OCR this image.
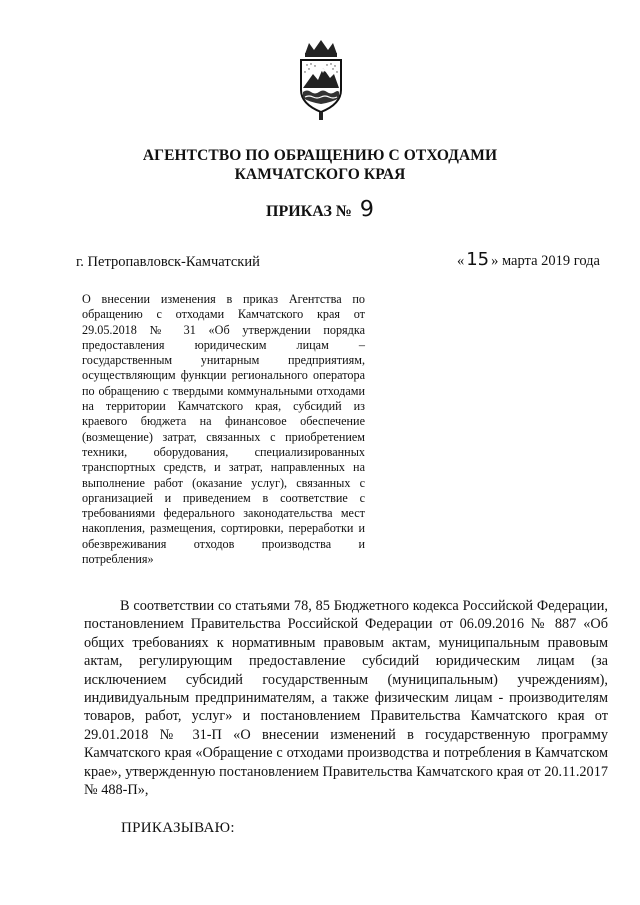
АГЕНТСТВО ПО ОБРАЩЕНИЮ С ОТХОДАМИ
КАМЧАТСКОГО КРАЯ
ПРИКАЗ № 9
г. Петропавловск-Камчатский	« 15 » марта 2019 года
О внесении изменения в приказ Агентства по обращению с отходами Камчатского края от 29.05.2018 № 31 «Об утверждении порядка предоставления юридическим лицам – государственным унитарным предприятиям, осуществляющим функции регионального оператора по обращению с твердыми коммунальными отходами на территории Камчатского края, субсидий из краевого бюджета на финансовое обеспечение (возмещение) затрат, связанных с приобретением техники, оборудования, специализированных транспортных средств, и затрат, направленных на выполнение работ (оказание услуг), связанных с организацией и приведением в соответствие с требованиями федерального законодательства мест накопления, размещения, сортировки, переработки и обезвреживания отходов производства и потребления»
В соответствии со статьями 78, 85 Бюджетного кодекса Российской Федерации, постановлением Правительства Российской Федерации от 06.09.2016 № 887 «Об общих требованиях к нормативным правовым актам, муниципальным правовым актам, регулирующим предоставление субсидий юридическим лицам (за исключением субсидий государственным (муниципальным) учреждениям), индивидуальным предпринимателям, а также физическим лицам - производителям товаров, работ, услуг» и постановлением Правительства Камчатского края от 29.01.2018 № 31-П «О внесении изменений в государственную программу Камчатского края «Обращение с отходами производства и потребления в Камчатском крае», утвержденную постановлением Правительства Камчатского края от 20.11.2017 № 488-П»,
ПРИКАЗЫВАЮ:
